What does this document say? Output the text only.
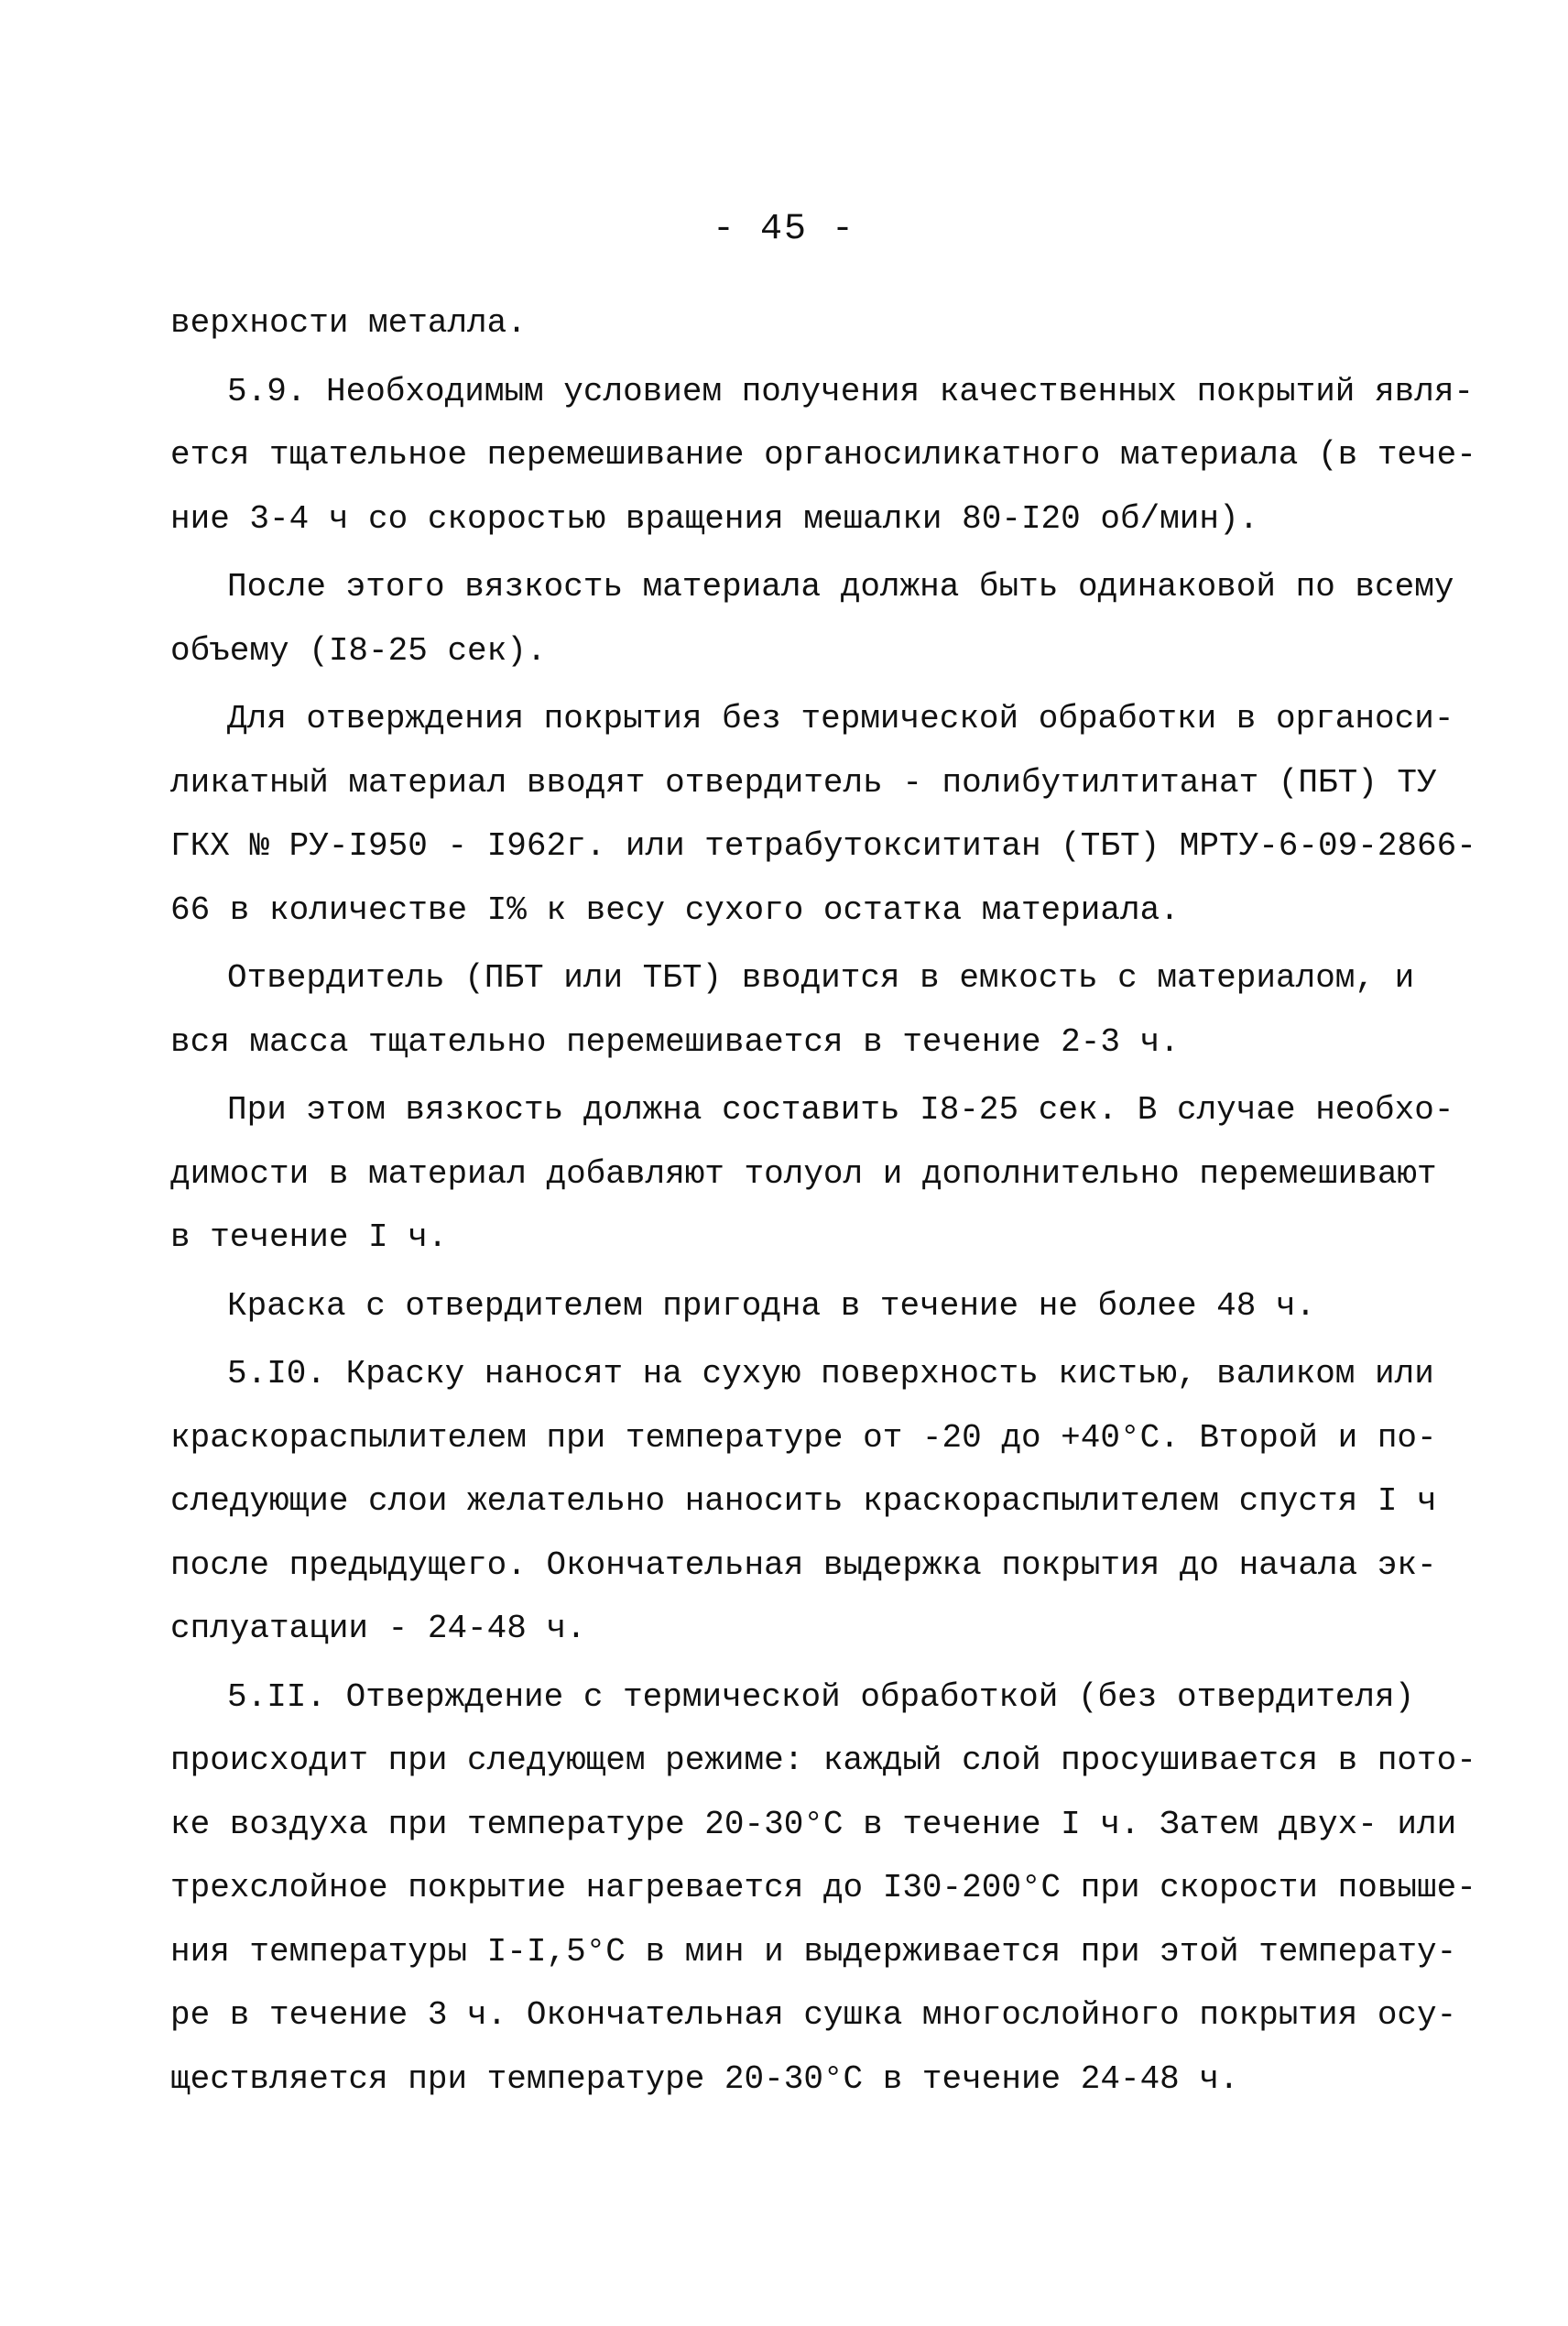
- 45 -
верхности металла.
5.9. Необходимым условием получения качественных покрытий явля-
ется тщательное перемешивание органосиликатного материала (в тече-
ние 3-4 ч со скоростью вращения мешалки 80-I20 об/мин).
После этого вязкость материала должна быть одинаковой по всему
объему (I8-25 сек).
Для отверждения покрытия без термической обработки в органоси-
ликатный материал вводят отвердитель - полибутилтитанат (ПБТ) ТУ
ГКХ № РУ-I950 - I962г. или тетрабутоксититан (ТБТ) МРТУ-6-09-2866-
66 в количестве I% к весу сухого остатка материала.
Отвердитель (ПБТ или ТБТ) вводится в емкость с материалом, и
вся масса тщательно перемешивается в течение 2-3 ч.
При этом вязкость должна составить I8-25 сек. В случае необхо-
димости в материал добавляют толуол и дополнительно перемешивают
в течение I ч.
Краска с отвердителем пригодна в течение не более 48 ч.
5.I0. Краску наносят на сухую поверхность кистью, валиком или
краскораспылителем при температуре от -20 до +40°С. Второй и по-
следующие слои желательно наносить краскораспылителем спустя I ч
после предыдущего. Окончательная выдержка покрытия до начала эк-
сплуатации - 24-48 ч.
5.II. Отверждение с термической обработкой (без отвердителя)
происходит при следующем режиме: каждый слой просушивается в пото-
ке воздуха при температуре 20-30°С в течение I ч. Затем двух- или
трехслойное покрытие нагревается до I30-200°С при скорости повыше-
ния температуры I-I,5°С в мин и выдерживается при этой температу-
ре в течение 3 ч. Окончательная сушка многослойного покрытия осу-
ществляется при температуре 20-30°С в течение 24-48 ч.
